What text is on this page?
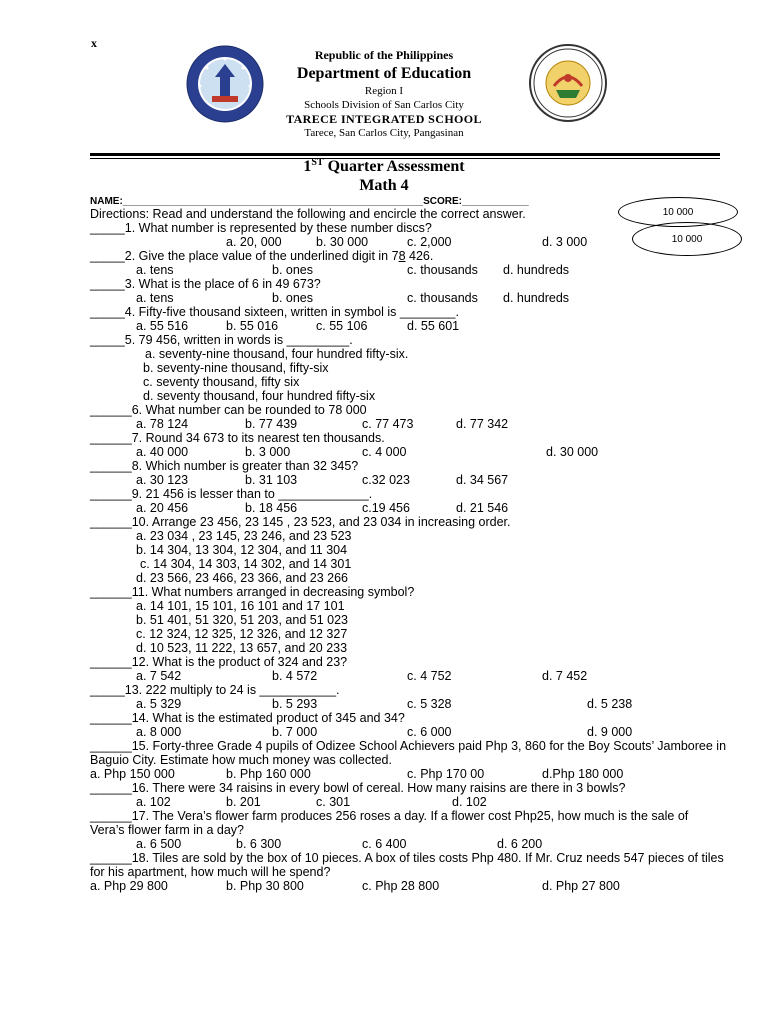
x
Republic of the Philippines
Department of Education
Region I
Schools Division of San Carlos City
TARECE INTEGRATED SCHOOL
Tarece, San Carlos City, Pangasinan
1ST Quarter Assessment
Math 4
NAME:______________________________________________________SCORE:____________
Directions: Read and understand the following and encircle the correct answer.	10 000
10 000
_____1. What number is represented by these number discs?
a. 20, 000	b. 30 000	c. 2,000	d. 3 000
_____2. Give the place value of the underlined digit in 78 426.
a. tens	b. ones	c. thousands d. hundreds
_____3. What is the place of 6 in 49 673?
a. tens	b. ones	c. thousands d. hundreds
_____4. Fifty-five thousand sixteen, written in symbol is ________.
a. 55 516	b. 55 016	c. 55 106	d. 55 601
_____5. 79 456, written in words is _________.
a. seventy-nine thousand, four hundred fifty-six.
b. seventy-nine thousand, fifty-six
c. seventy thousand, fifty six
d. seventy thousand, four hundred fifty-six
______6. What number can be rounded to 78 000
a. 78 124	b. 77 439	c. 77 473	d. 77 342
______7. Round 34 673 to its nearest ten thousands.
a. 40 000	b. 3 000	c. 4 000	d. 30 000
______8. Which number is greater than 32 345?
a. 30 123	b. 31 103	c.32 023	d. 34 567
______9. 21 456 is lesser than to _____________.
a. 20 456	b. 18 456	c.19 456	d. 21 546
______10. Arrange 23 456, 23 145 , 23 523, and 23 034 in increasing order.
a. 23 034 , 23 145, 23 246, and 23 523
b. 14 304, 13 304, 12 304, and 11 304
c. 14 304, 14 303, 14 302, and 14 301
d. 23 566, 23 466, 23 366, and 23 266
______11. What numbers arranged in decreasing symbol?
a. 14 101, 15 101, 16 101 and 17 101
b. 51 401, 51 320, 51 203, and 51 023
c. 12 324, 12 325, 12 326, and 12 327
d. 10 523, 11 222, 13 657, and 20 233
______12. What is the product of 324 and 23?
a. 7 542	b. 4 572	c. 4 752	d. 7 452
_____13. 222 multiply to 24 is ___________.
a. 5 329	b. 5 293	c. 5 328	d. 5 238
______14. What is the estimated product of 345 and 34?
a. 8 000	b. 7 000	c. 6 000	d. 9 000
______15. Forty-three Grade 4 pupils of Odizee School Achievers paid Php 3, 860 for the Boy Scouts’ Jamboree in Baguio City. Estimate how much money was collected.
a. Php 150 000	b. Php 160 000	c. Php 170 00	d.Php 180 000
______16. There were 34 raisins in every bowl of cereal. How many raisins are there in 3 bowls?
a. 102	b. 201	c. 301	d. 102
______17. The Vera’s flower farm produces 256 roses a day. If a flower cost Php25, how much is the sale of Vera’s flower farm in a day?
a. 6 500	b. 6 300	c. 6 400	d. 6 200
______18. Tiles are sold by the box of 10 pieces. A box of tiles costs Php 480. If Mr. Cruz needs 547 pieces of tiles for his apartment, how much will he spend?
a. Php 29 800	b. Php 30 800	c. Php 28 800	d. Php 27 800
